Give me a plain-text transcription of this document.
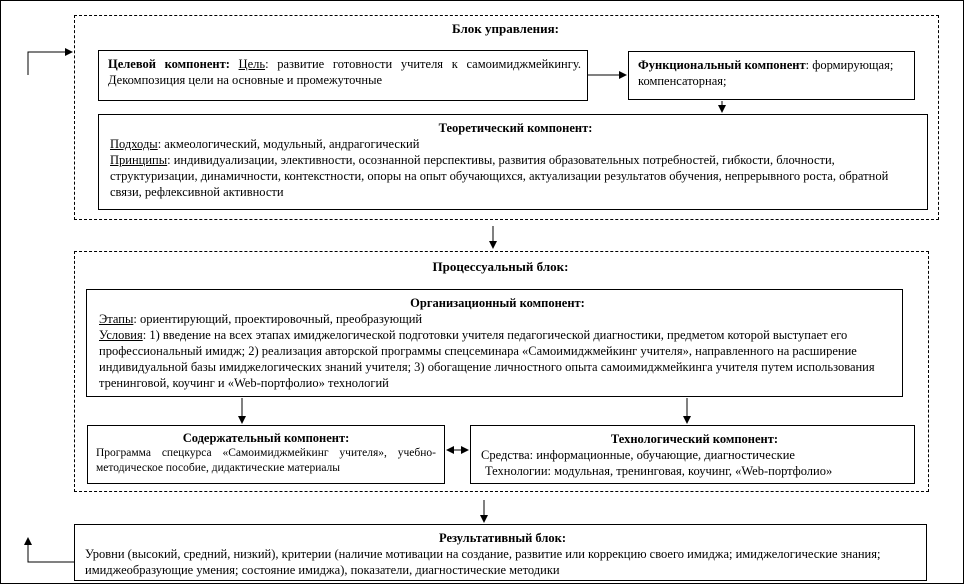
Блок управления:
Целевой компонент: Цель: развитие готовности учителя к самоимиджмейкингу. Декомпозиция цели на основные и промежуточные
Функциональный компонент: формирующая; компенсаторная;
Теоретический компонент:
Подходы: акмеологический, модульный, андрагогический
Принципы: индивидуализации, элективности, осознанной перспективы, развития образовательных потребностей, гибкости, блочности, структуризации, динамичности, контекстности, опоры на опыт обучающихся, актуализации результатов обучения, непрерывного роста, обратной связи, рефлексивной активности
Процессуальный блок:
Организационный компонент:
Этапы: ориентирующий, проектировочный, преобразующий
Условия: 1) введение на всех этапах имиджелогической подготовки учителя педагогической диагностики, предметом которой выступает его профессиональный имидж; 2) реализация авторской программы спецсеминара «Самоимиджмейкинг учителя», направленного на расширение индивидуальной базы имиджелогических знаний учителя; 3) обогащение личностного опыта самоимиджмейкинга учителя путем использования тренинговой, коучинг и «Web-портфолио» технологий
Содержательный компонент:
Программа спецкурса «Самоимиджмейкинг учителя», учебно-методическое пособие, дидактические материалы
Технологический компонент:
Средства: информационные, обучающие, диагностические
Технологии: модульная, тренинговая, коучинг, «Web-портфолио»
Результативный блок:
Уровни (высокий, средний, низкий), критерии (наличие мотивации на создание, развитие или коррекцию своего имиджа; имиджелогические знания; имиджеобразующие умения; состояние имиджа), показатели, диагностические методики
